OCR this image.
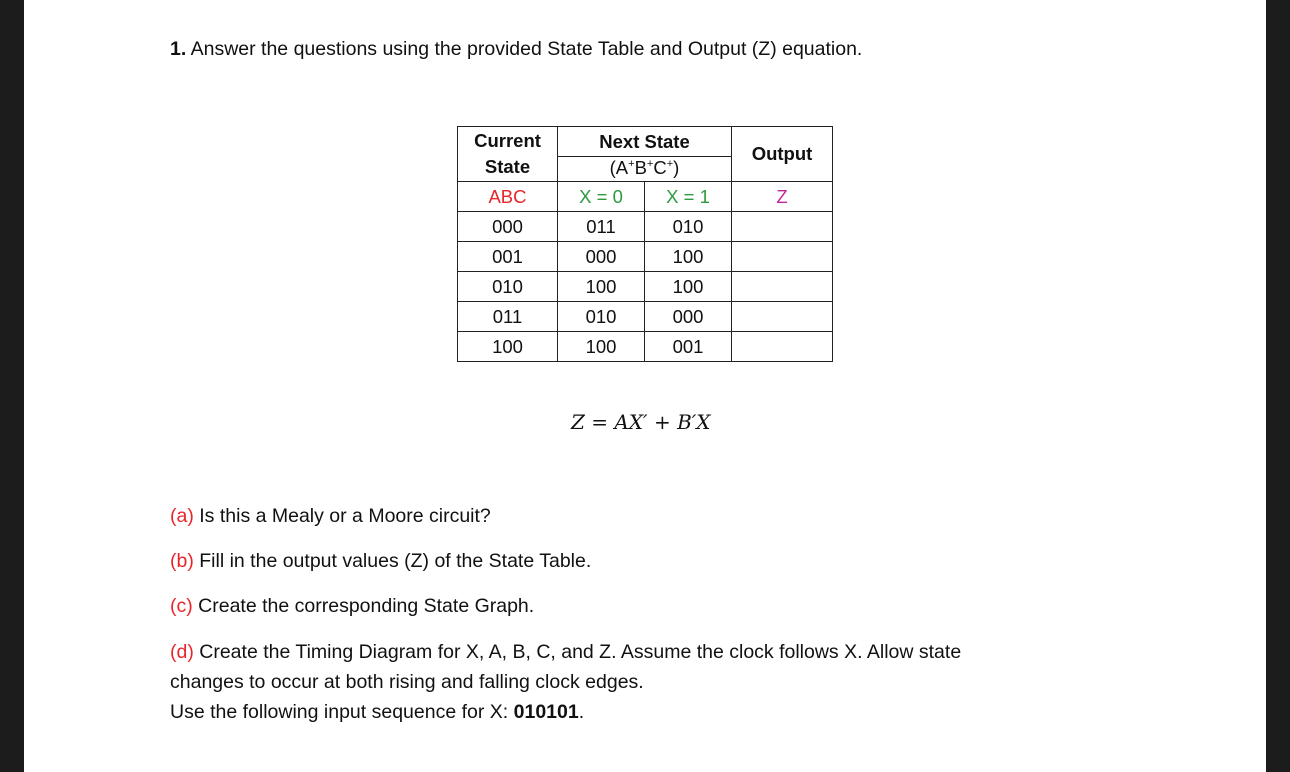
1. Answer the questions using the provided State Table and Output (Z) equation.
Current
State	Next State		Output
	(A+B+C+)		
ABC	X = 0	X = 1	Z
000	011	010	
001	000	100	
010	100	100	
011	010	000	
100	100	001	
Z = AX′ + B′X
(a) Is this a Mealy or a Moore circuit?
(b) Fill in the output values (Z) of the State Table.
(c) Create the corresponding State Graph.
(d) Create the Timing Diagram for X, A, B, C, and Z. Assume the clock follows X. Allow state
changes to occur at both rising and falling clock edges.
Use the following input sequence for X: 010101.
